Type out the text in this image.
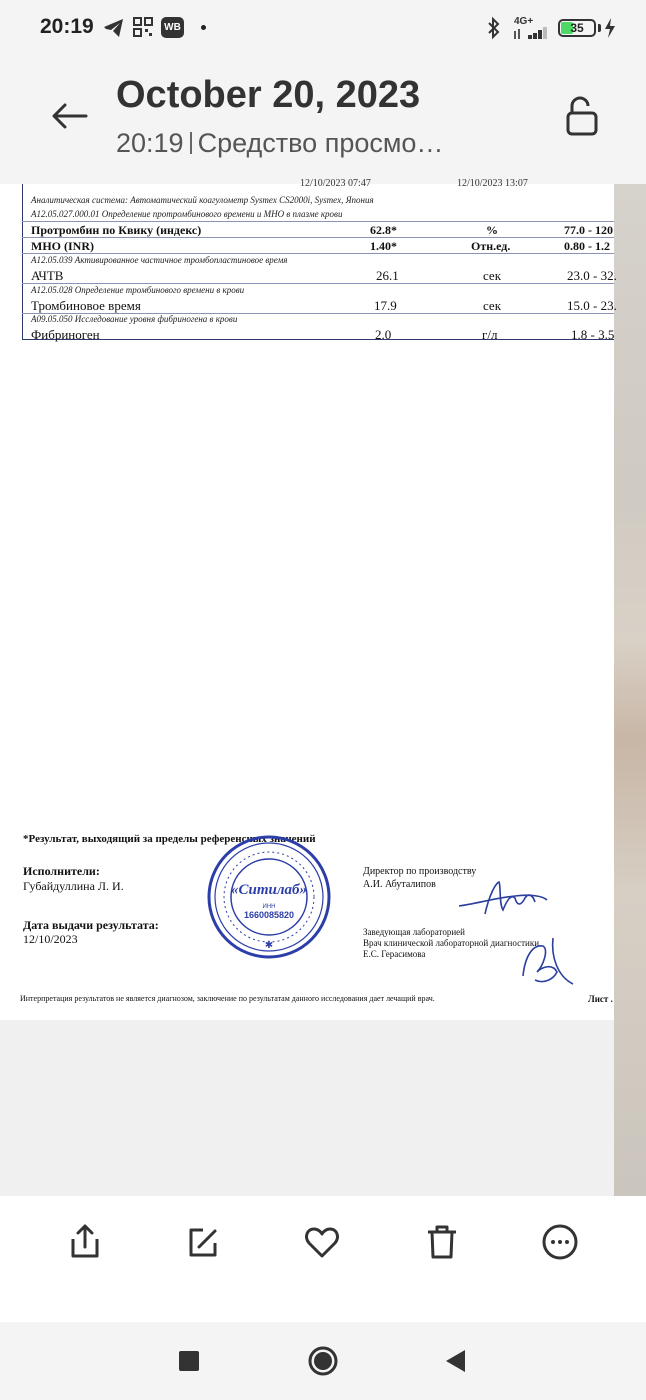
20:19	WB
4G+	35
October 20, 2023
20:19 Средство просмо…
12/10/2023 07:47	12/10/2023 13:07
Аналитическая система: Автоматический коагулометр Sysmex CS2000i, Sysmex, Япония
A12.05.027.000.01 Определение протромбинового времени и МНО в плазме крови
Протромбин по Квику (индекс)	62.8*	%	77.0 - 120
МНО (INR)	1.40*	Отн.ед.	0.80 - 1.2
A12.05.039 Активированное частичное тромбопластиновое время
АЧТВ	26.1	сек	23.0 - 32.
A12.05.028 Определение тромбинового времени в крови
Тромбиновое время	17.9	сек	15.0 - 23.
A09.05.050 Исследование уровня фибриногена в крови
Фибриноген	2.0	г/л	1.8 - 3.5
*Результат, выходящий за пределы референсных значений
Исполнители:
Губайдуллина Л. И.
Дата выдачи результата:
12/10/2023
Директор по производству
А.И. Абуталипов
Заведующая лабораторией
Врач клинической лабораторной диагностики
Е.С. Герасимова
«Ситилаб»
ИНН
1660085820
✱
Интерпретация результатов не является диагнозом, заключение по результатам данного исследования дает лечащий врач.	Лист .
